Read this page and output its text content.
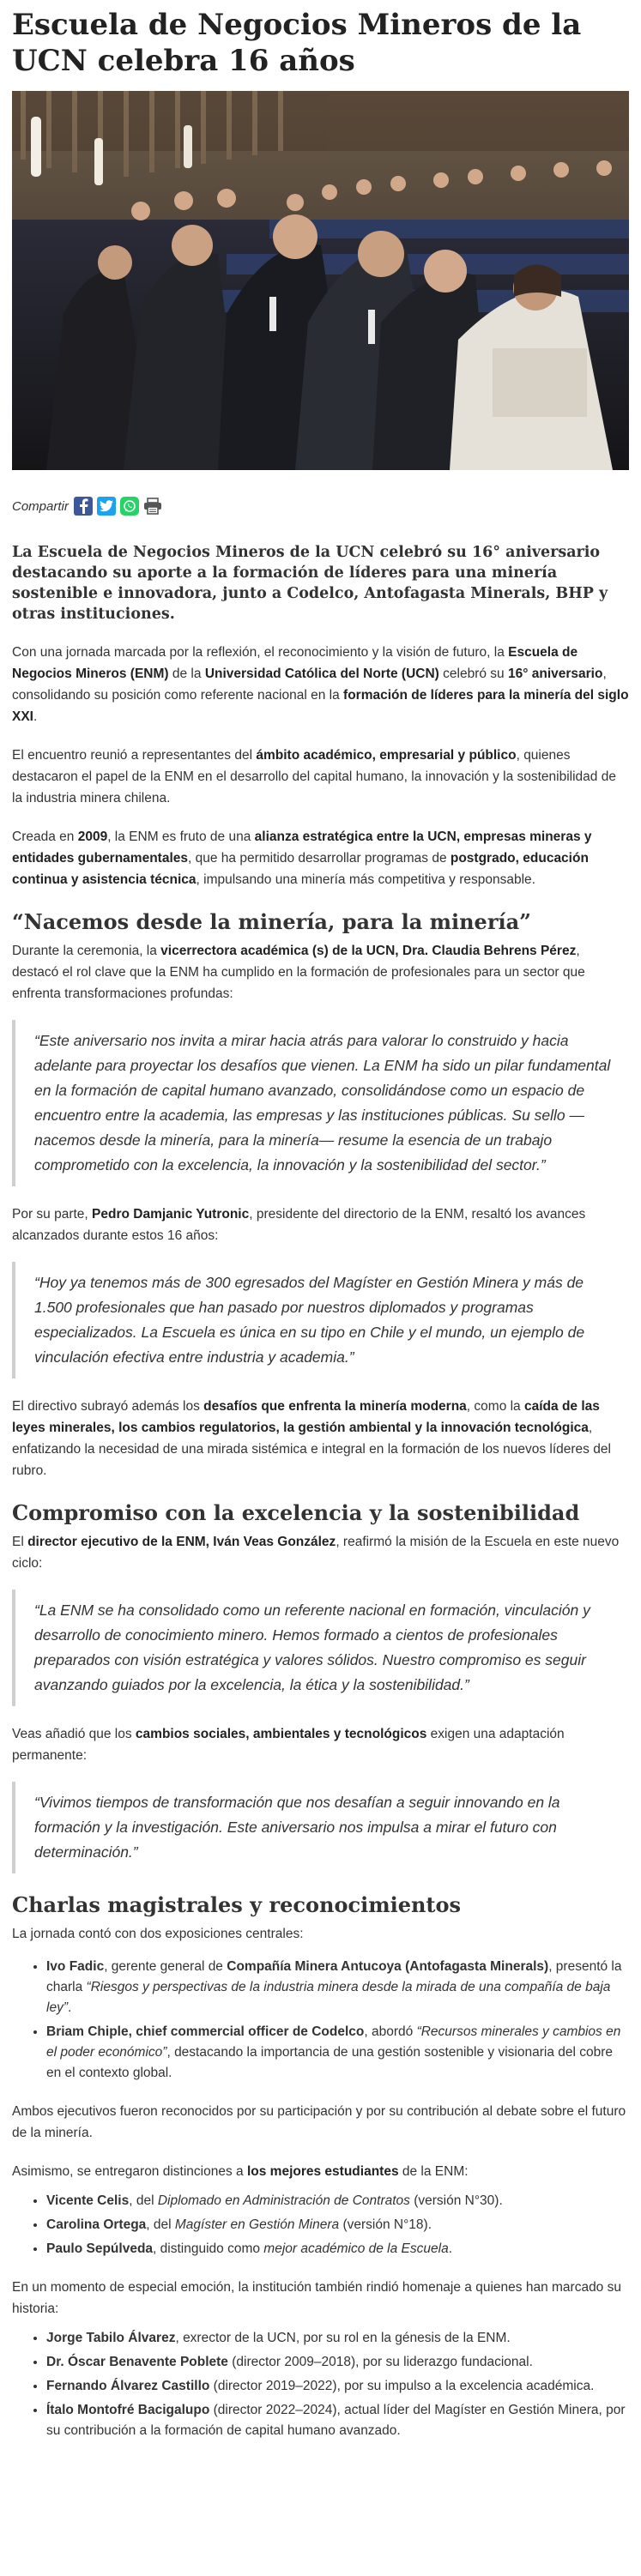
Escuela de Negocios Mineros de la UCN celebra 16 años
Compartir

La Escuela de Negocios Mineros de la UCN celebró su 16° aniversario destacando su aporte a la formación de líderes para una minería sostenible e innovadora, junto a Codelco, Antofagasta Minerals, BHP y otras instituciones.

Con una jornada marcada por la reflexión, el reconocimiento y la visión de futuro, la Escuela de Negocios Mineros (ENM) de la Universidad Católica del Norte (UCN) celebró su 16° aniversario, consolidando su posición como referente nacional en la formación de líderes para la minería del siglo XXI.

El encuentro reunió a representantes del ámbito académico, empresarial y público, quienes destacaron el papel de la ENM en el desarrollo del capital humano, la innovación y la sostenibilidad de la industria minera chilena.

Creada en 2009, la ENM es fruto de una alianza estratégica entre la UCN, empresas mineras y entidades gubernamentales, que ha permitido desarrollar programas de postgrado, educación continua y asistencia técnica, impulsando una minería más competitiva y responsable.

“Nacemos desde la minería, para la minería”

Durante la ceremonia, la vicerrectora académica (s) de la UCN, Dra. Claudia Behrens Pérez, destacó el rol clave que la ENM ha cumplido en la formación de profesionales para un sector que enfrenta transformaciones profundas:

“Este aniversario nos invita a mirar hacia atrás para valorar lo construido y hacia adelante para proyectar los desafíos que vienen. La ENM ha sido un pilar fundamental en la formación de capital humano avanzado, consolidándose como un espacio de encuentro entre la academia, las empresas y las instituciones públicas. Su sello —nacemos desde la minería, para la minería— resume la esencia de un trabajo comprometido con la excelencia, la innovación y la sostenibilidad del sector.”

Por su parte, Pedro Damjanic Yutronic, presidente del directorio de la ENM, resaltó los avances alcanzados durante estos 16 años:

“Hoy ya tenemos más de 300 egresados del Magíster en Gestión Minera y más de 1.500 profesionales que han pasado por nuestros diplomados y programas especializados. La Escuela es única en su tipo en Chile y el mundo, un ejemplo de vinculación efectiva entre industria y academia.”

El directivo subrayó además los desafíos que enfrenta la minería moderna, como la caída de las leyes minerales, los cambios regulatorios, la gestión ambiental y la innovación tecnológica, enfatizando la necesidad de una mirada sistémica e integral en la formación de los nuevos líderes del rubro.

Compromiso con la excelencia y la sostenibilidad

El director ejecutivo de la ENM, Iván Veas González, reafirmó la misión de la Escuela en este nuevo ciclo:

“La ENM se ha consolidado como un referente nacional en formación, vinculación y desarrollo de conocimiento minero. Hemos formado a cientos de profesionales preparados con visión estratégica y valores sólidos. Nuestro compromiso es seguir avanzando guiados por la excelencia, la ética y la sostenibilidad.”

Veas añadió que los cambios sociales, ambientales y tecnológicos exigen una adaptación permanente:

“Vivimos tiempos de transformación que nos desafían a seguir innovando en la formación y la investigación. Este aniversario nos impulsa a mirar el futuro con determinación.”
Charlas magistrales y reconocimientos

La jornada contó con dos exposiciones centrales:

• Ivo Fadic, gerente general de Compañía Minera Antucoya (Antofagasta Minerals), presentó la charla “Riesgos y perspectivas de la industria minera desde la mirada de una compañía de baja ley”.
• Briam Chiple, chief commercial officer de Codelco, abordó “Recursos minerales y cambios en el poder económico”, destacando la importancia de una gestión sostenible y visionaria del cobre en el contexto global.

Ambos ejecutivos fueron reconocidos por su participación y por su contribución al debate sobre el futuro de la minería.

Asimismo, se entregaron distinciones a los mejores estudiantes de la ENM:

• Vicente Celis, del Diplomado en Administración de Contratos (versión N°30).
• Carolina Ortega, del Magíster en Gestión Minera (versión N°18).
• Paulo Sepúlveda, distinguido como mejor académico de la Escuela.

En un momento de especial emoción, la institución también rindió homenaje a quienes han marcado su historia:

• Jorge Tabilo Álvarez, exrector de la UCN, por su rol en la génesis de la ENM.
• Dr. Óscar Benavente Poblete (director 2009–2018), por su liderazgo fundacional.
• Fernando Álvarez Castillo (director 2019–2022), por su impulso a la excelencia académica.
• Ítalo Montofré Bacigalupo (director 2022–2024), actual líder del Magíster en Gestión Minera, por su contribución a la formación de capital humano avanzado.
